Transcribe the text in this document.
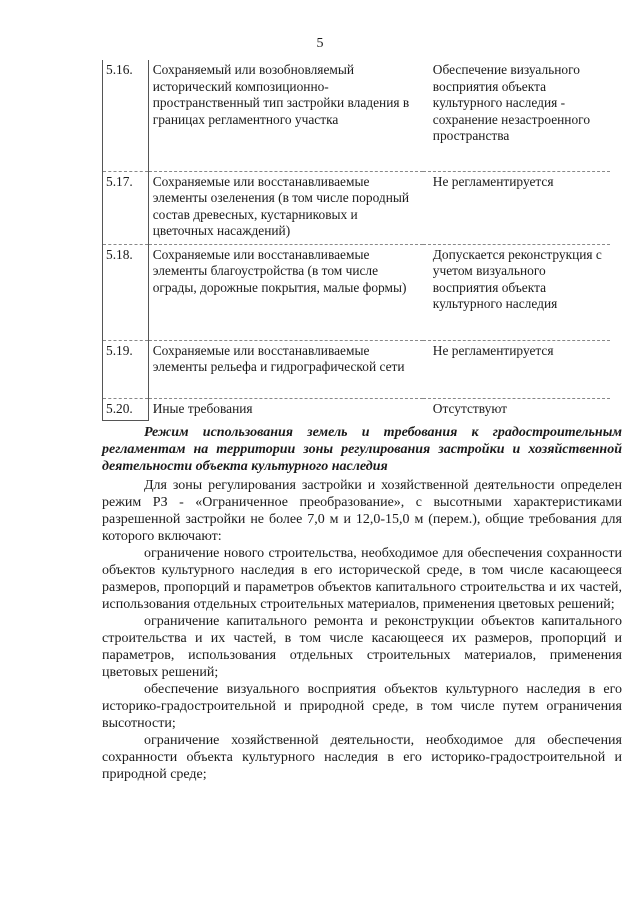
5
5.16.	Сохраняемый или возобновляемый исторический композиционно-пространственный тип застройки владения в границах регламентного участка	Обеспечение визуального восприятия объекта культурного наследия - сохранение незастроенного пространства
5.17.	Сохраняемые или восстанавливаемые элементы озеленения (в том числе породный состав древесных, кустарниковых и цветочных насаждений)	Не регламентируется
5.18.	Сохраняемые или восстанавливаемые элементы благоустройства (в том числе ограды, дорожные покрытия, малые формы)	Допускается реконструкция с учетом визуального восприятия объекта культурного наследия
5.19.	Сохраняемые или восстанавливаемые элементы рельефа и гидрографической сети	Не регламентируется
5.20.	Иные требования	Отсутствуют

Режим использования земель и требования к градостроительным регламентам на территории зоны регулирования застройки и хозяйственной деятельности объекта культурного наследия

Для зоны регулирования застройки и хозяйственной деятельности определен режим РЗ - «Ограниченное преобразование», с высотными характеристиками разрешенной застройки не более 7,0 м и 12,0-15,0 м (перем.), общие требования для которого включают:

ограничение нового строительства, необходимое для обеспечения сохранности объектов культурного наследия в его исторической среде, в том числе касающееся размеров, пропорций и параметров объектов капитального строительства и их частей, использования отдельных строительных материалов, применения цветовых решений;

ограничение капитального ремонта и реконструкции объектов капитального строительства и их частей, в том числе касающееся их размеров, пропорций и параметров, использования отдельных строительных материалов, применения цветовых решений;

обеспечение визуального восприятия объектов культурного наследия в его историко-градостроительной и природной среде, в том числе путем ограничения высотности;

ограничение хозяйственной деятельности, необходимое для обеспечения сохранности объекта культурного наследия в его историко-градостроительной и природной среде;
